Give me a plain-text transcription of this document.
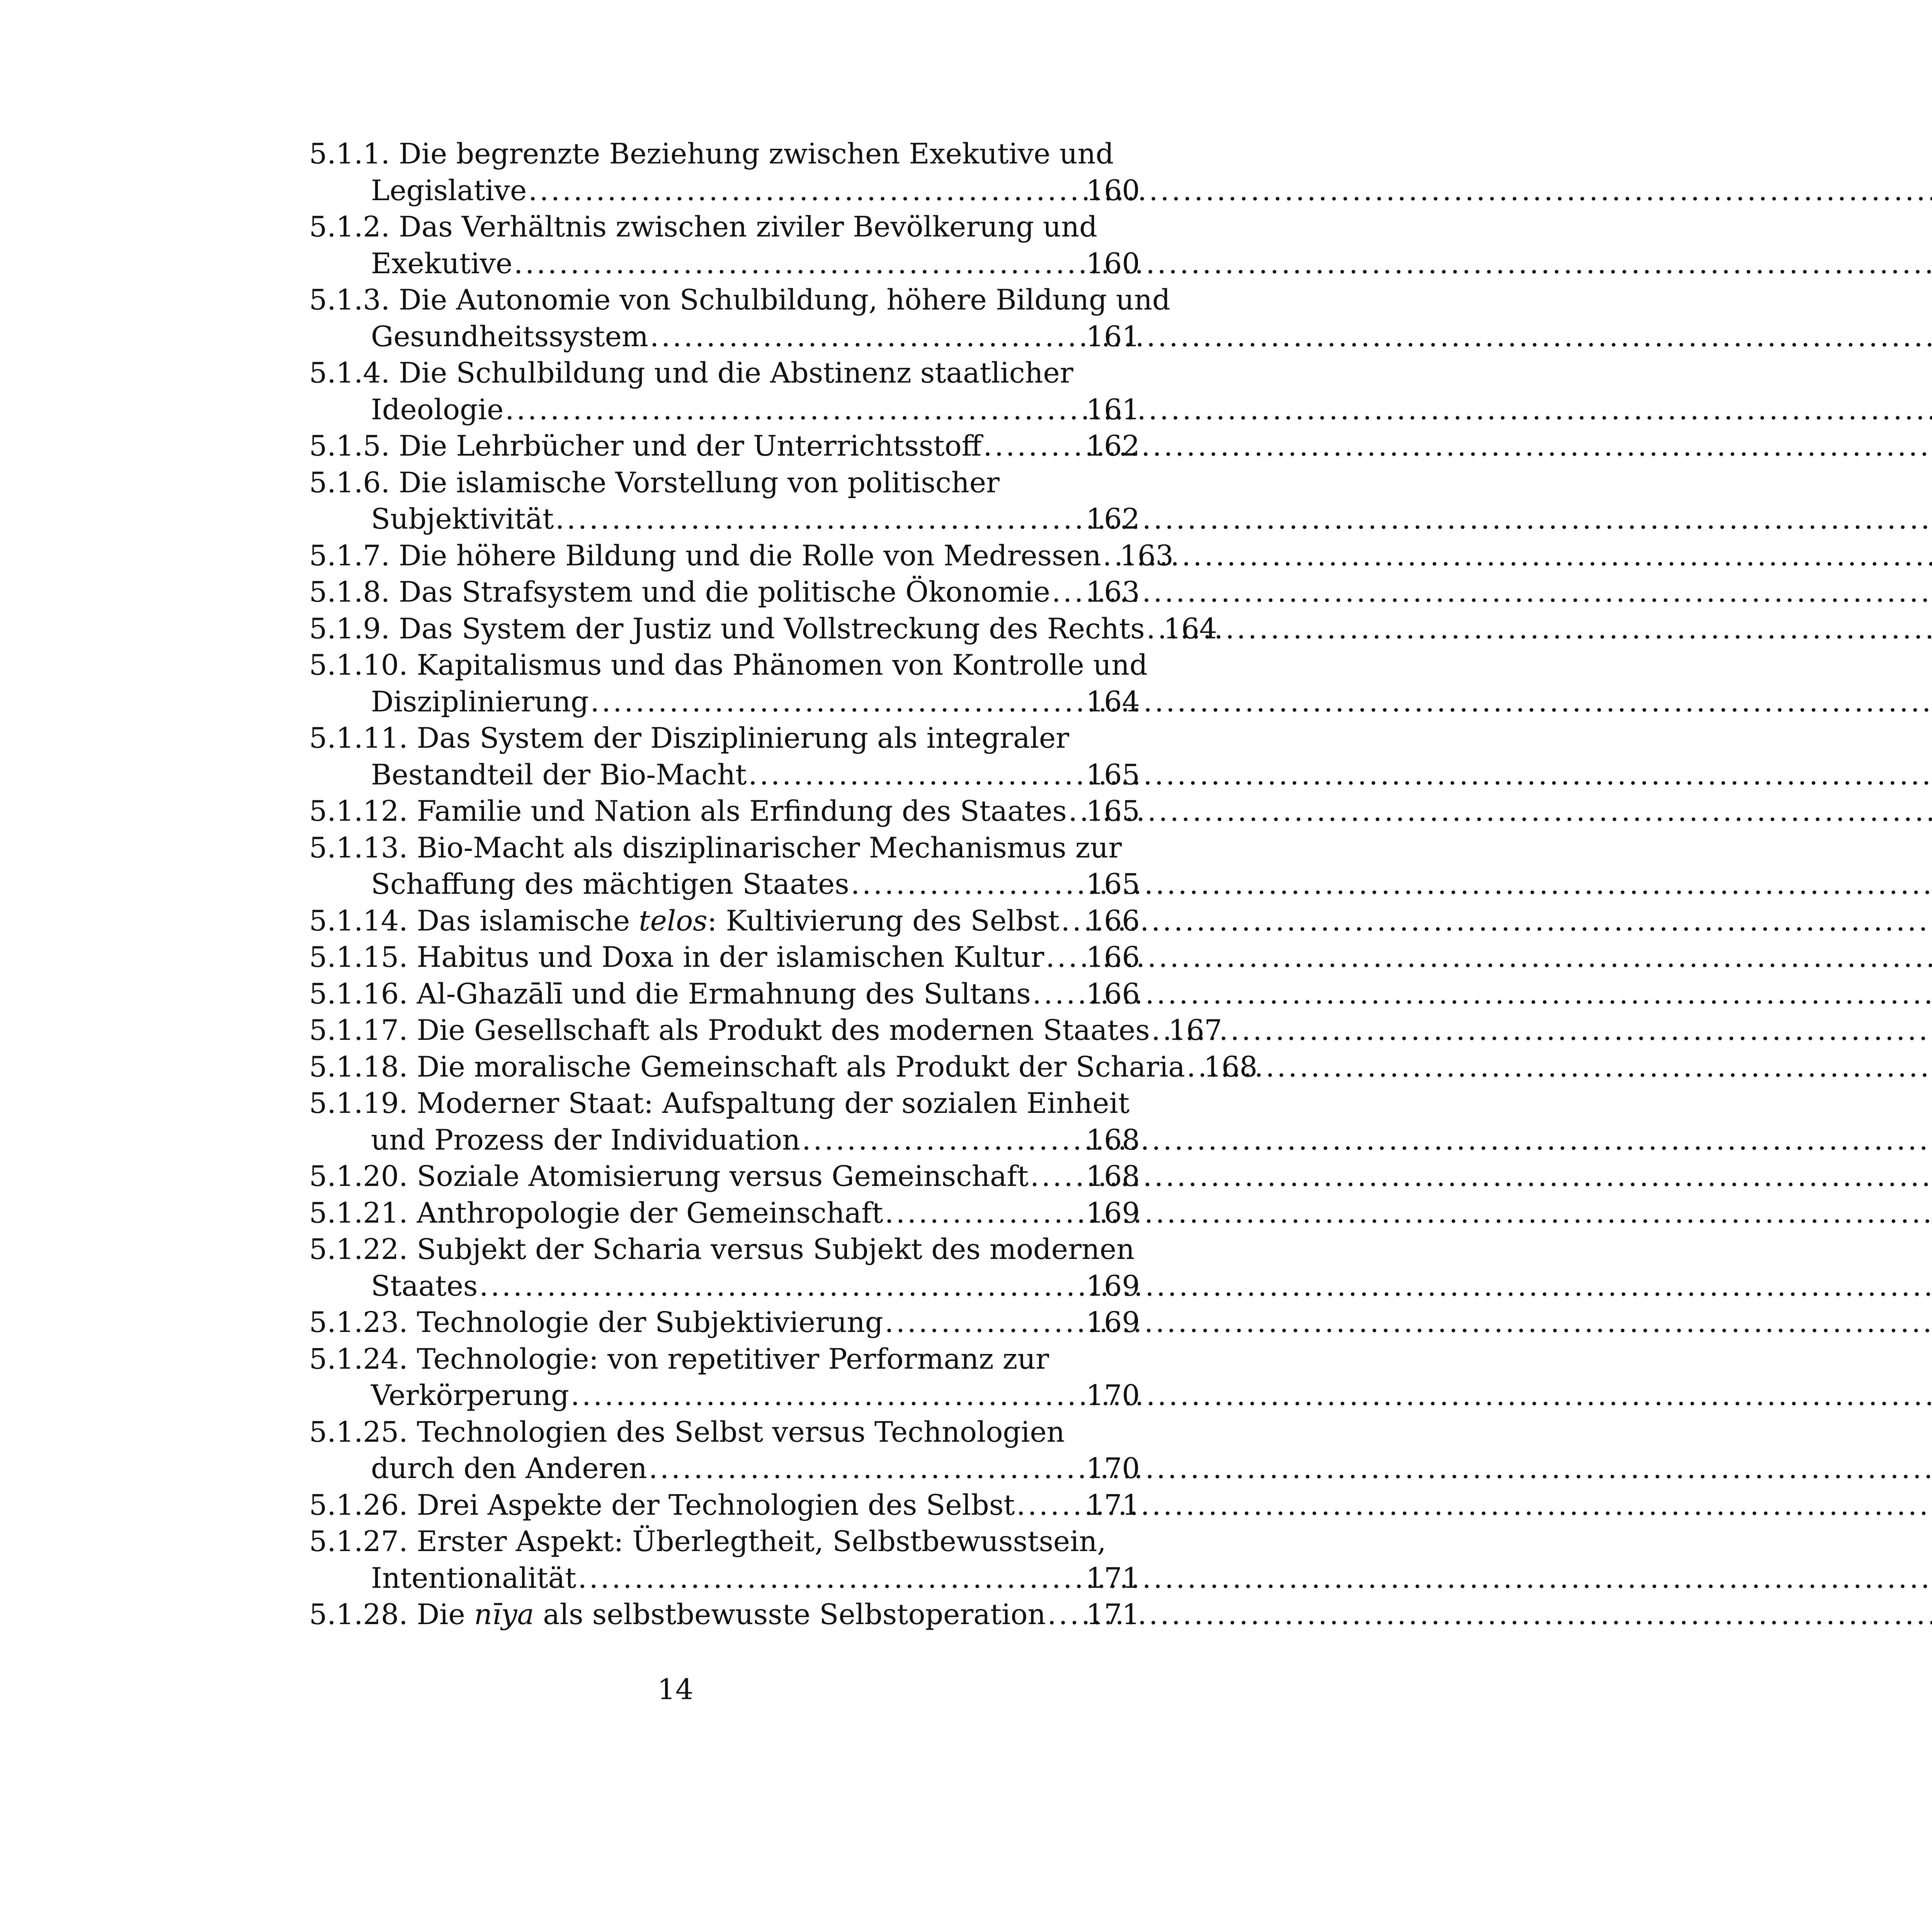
5.1.1. Die begrenzte Beziehung zwischen Exekutive und
Legislative .....	160
5.1.2. Das Verhältnis zwischen ziviler Bevölkerung und
Exekutive .....	160
5.1.3. Die Autonomie von Schulbildung, höhere Bildung und
Gesundheitssystem .....	161
5.1.4. Die Schulbildung und die Abstinenz staatlicher
Ideologie .....	161
5.1.5. Die Lehrbücher und der Unterrichtsstoff .....	162
5.1.6. Die islamische Vorstellung von politischer
Subjektivität .....	162
5.1.7. Die höhere Bildung und die Rolle von Medressen ..... 163
5.1.8. Das Strafsystem und die politische Ökonomie ..... 163
5.1.9. Das System der Justiz und Vollstreckung des Rechts ..... 164
5.1.10. Kapitalismus und das Phänomen von Kontrolle und
Disziplinierung .....	164
5.1.11. Das System der Disziplinierung als integraler
Bestandteil der Bio-Macht .....	165
5.1.12. Familie und Nation als Erfindung des Staates ..... 165
5.1.13. Bio-Macht als disziplinarischer Mechanismus zur
Schaffung des mächtigen Staates .....	165
5.1.14. Das islamische telos: Kultivierung des Selbst ..... 166
5.1.15. Habitus und Doxa in der islamischen Kultur ..... 166
5.1.16. Al-Ghazālī und die Ermahnung des Sultans ..... 166
5.1.17. Die Gesellschaft als Produkt des modernen Staates ..... 167
5.1.18. Die moralische Gemeinschaft als Produkt der Scharia ..... 168
5.1.19. Moderner Staat: Aufspaltung der sozialen Einheit
und Prozess der Individuation .....	168
5.1.20. Soziale Atomisierung versus Gemeinschaft ..... 168
5.1.21. Anthropologie der Gemeinschaft .....	169
5.1.22. Subjekt der Scharia versus Subjekt des modernen
Staates .....	169
5.1.23. Technologie der Subjektivierung .....	169
5.1.24. Technologie: von repetitiver Performanz zur
Verkörperung .....	170
5.1.25. Technologien des Selbst versus Technologien
durch den Anderen .....	170
5.1.26. Drei Aspekte der Technologien des Selbst .....	171
5.1.27. Erster Aspekt: Überlegtheit, Selbstbewusstsein,
Intentionalität .....	171
5.1.28. Die nīya als selbstbewusste Selbstoperation ..... 171
14
